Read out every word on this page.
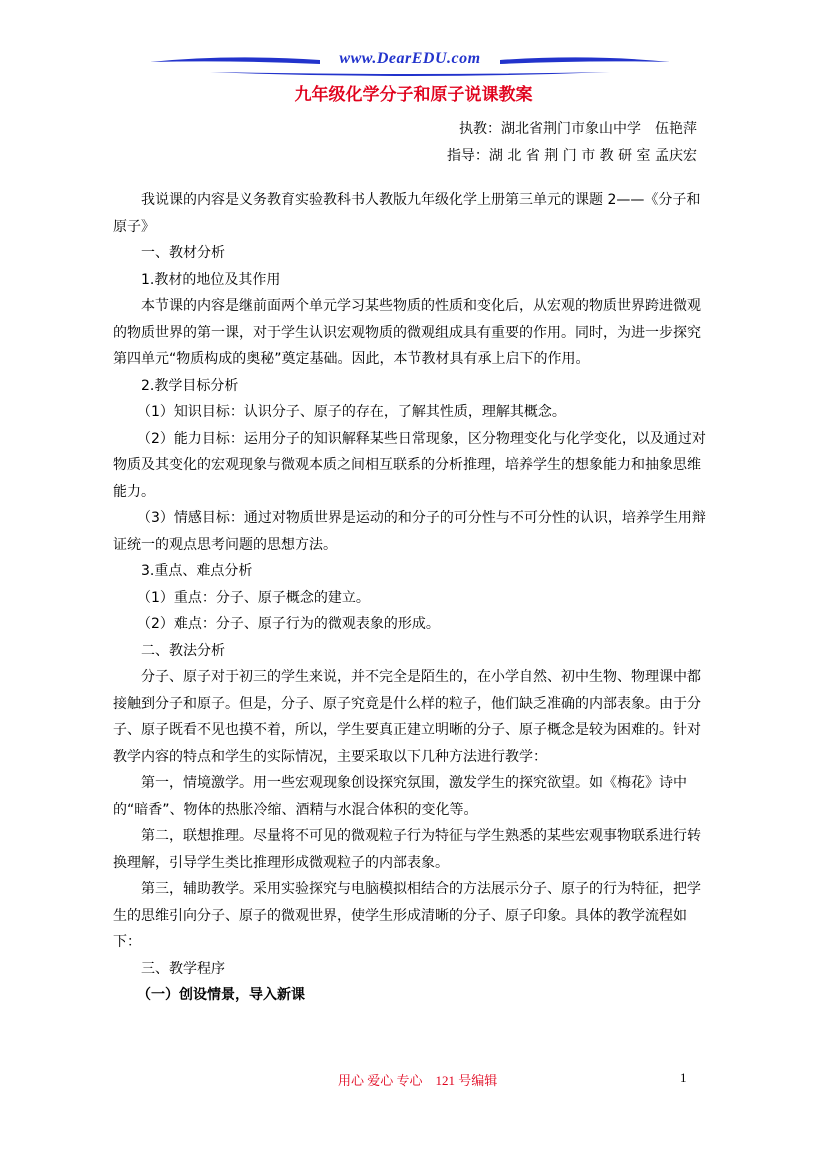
www.DearEDU.com
九年级化学分子和原子说课教案
执教：湖北省荆门市象山中学　伍艳萍
指导：湖 北 省 荆 门 市 教 研 室 孟庆宏

我说课的内容是义务教育实验教科书人教版九年级化学上册第三单元的课题 2——《分子和原子》

一、教材分析

1.教材的地位及其作用

本节课的内容是继前面两个单元学习某些物质的性质和变化后，从宏观的物质世界跨进微观的物质世界的第一课，对于学生认识宏观物质的微观组成具有重要的作用。同时，为进一步探究第四单元“物质构成的奥秘”奠定基础。因此，本节教材具有承上启下的作用。

2.教学目标分析

（1）知识目标：认识分子、原子的存在，了解其性质，理解其概念。

（2）能力目标：运用分子的知识解释某些日常现象，区分物理变化与化学变化，以及通过对物质及其变化的宏观现象与微观本质之间相互联系的分析推理，培养学生的想象能力和抽象思维能力。

（3）情感目标：通过对物质世界是运动的和分子的可分性与不可分性的认识，培养学生用辩证统一的观点思考问题的思想方法。

3.重点、难点分析

（1）重点：分子、原子概念的建立。

（2）难点：分子、原子行为的微观表象的形成。

二、教法分析

分子、原子对于初三的学生来说，并不完全是陌生的，在小学自然、初中生物、物理课中都接触到分子和原子。但是，分子、原子究竟是什么样的粒子，他们缺乏准确的内部表象。由于分子、原子既看不见也摸不着，所以，学生要真正建立明晰的分子、原子概念是较为困难的。针对教学内容的特点和学生的实际情况，主要采取以下几种方法进行教学：

第一，情境激学。用一些宏观现象创设探究氛围，激发学生的探究欲望。如《梅花》诗中的“暗香”、物体的热胀冷缩、酒精与水混合体积的变化等。

第二，联想推理。尽量将不可见的微观粒子行为特征与学生熟悉的某些宏观事物联系进行转换理解，引导学生类比推理形成微观粒子的内部表象。

第三，辅助教学。采用实验探究与电脑模拟相结合的方法展示分子、原子的行为特征，把学生的思维引向分子、原子的微观世界，使学生形成清晰的分子、原子印象。具体的教学流程如下：

三、教学程序

（一）创设情景，导入新课

用心 爱心 专心　121 号编辑	1
